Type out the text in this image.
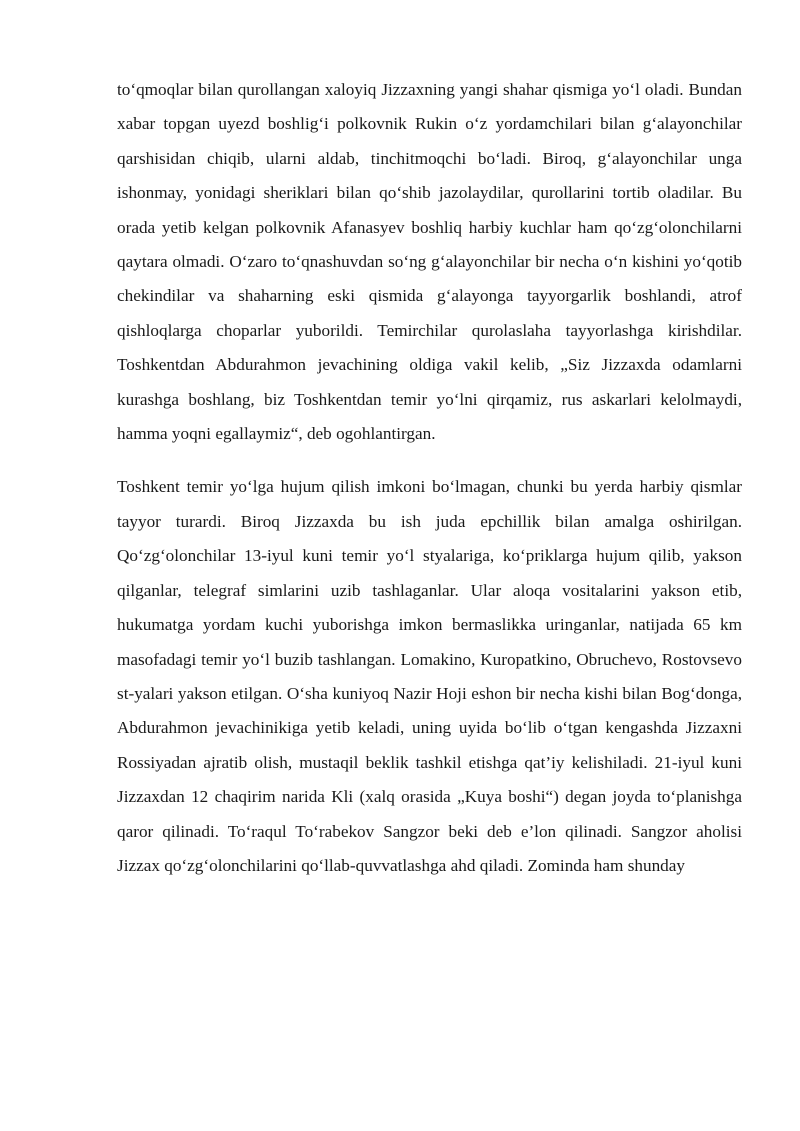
to‘qmoqlar bilan qurollangan xaloyiq Jizzaxning yangi shahar qismiga yo‘l oladi. Bundan xabar topgan uyezd boshlig‘i polkovnik Rukin o‘z yordamchilari bilan g‘alayonchilar qarshisidan chiqib, ularni aldab, tinchitmoqchi bo‘ladi. Biroq, g‘alayonchilar unga ishonmay, yonidagi sheriklari bilan qo‘shib jazolaydilar, qurollarini tortib oladilar. Bu orada yetib kelgan polkovnik Afanasyev boshliq harbiy kuchlar ham qo‘zg‘olonchilarni qaytara olmadi. O‘zaro to‘qnashuvdan so‘ng g‘alayonchilar bir necha o‘n kishini yo‘qotib chekindilar va shaharning eski qismida g‘alayonga tayyorgarlik boshlandi, atrof qishloqlarga choparlar yuborildi. Temirchilar qurolaslaha tayyorlashga kirishdilar. Toshkentdan Abdurahmon jevachining oldiga vakil kelib, „Siz Jizzaxda odamlarni kurashga boshlang, biz Toshkentdan temir yo‘lni qirqamiz, rus askarlari kelolmaydi, hamma yoqni egallaymiz“, deb ogohlantirgan.

Toshkent temir yo‘lga hujum qilish imkoni bo‘lmagan, chunki bu yerda harbiy qismlar tayyor turardi. Biroq Jizzaxda bu ish juda epchillik bilan amalga oshirilgan. Qo‘zg‘olonchilar 13-iyul kuni temir yo‘l styalariga, ko‘priklarga hujum qilib, yakson qilganlar, telegraf simlarini uzib tashlaganlar. Ular aloqa vositalarini yakson etib, hukumatga yordam kuchi yuborishga imkon bermaslikka uringanlar, natijada 65 km masofadagi temir yo‘l buzib tashlangan. Lomakino, Kuropatkino, Obruchevo, Rostovsevo st-yalari yakson etilgan. O‘sha kuniyoq Nazir Hoji eshon bir necha kishi bilan Bog‘donga, Abdurahmon jevachinikiga yetib keladi, uning uyida bo‘lib o‘tgan kengashda Jizzaxni Rossiyadan ajratib olish, mustaqil beklik tashkil etishga qat’iy kelishiladi. 21-iyul kuni Jizzaxdan 12 chaqirim narida Kli (xalq orasida „Kuya boshi“) degan joyda to‘planishga qaror qilinadi. To‘raqul To‘rabekov Sangzor beki deb e’lon qilinadi. Sangzor aholisi Jizzax qo‘zg‘olonchilarini qo‘llab-quvvatlashga ahd qiladi. Zominda ham shunday
